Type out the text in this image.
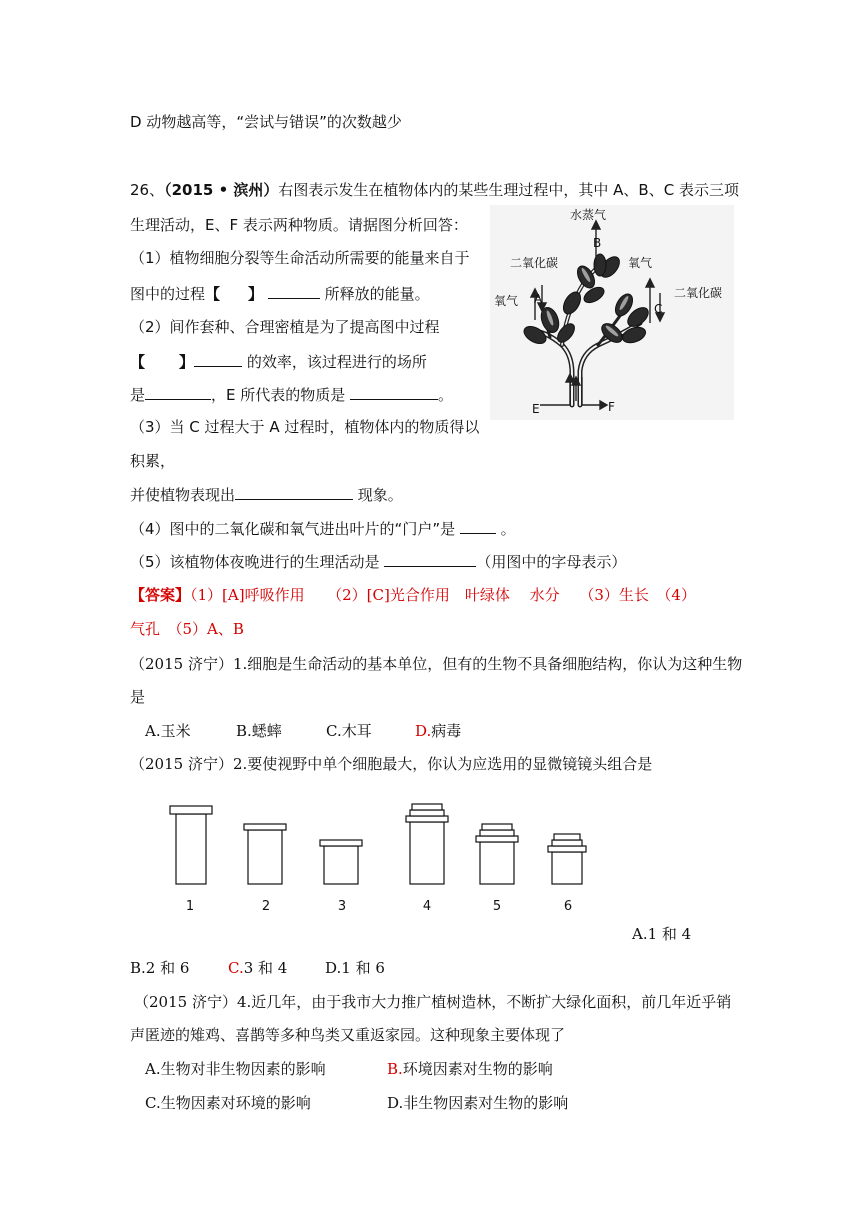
D 动物越高等，“尝试与错误”的次数越少
26、（2015 • 滨州）右图表示发生在植物体内的某些生理过程中，其中 A、B、C 表示三项
生理活动，E、F 表示两种物质。请据图分析回答：
（1）植物细胞分裂等生命活动所需要的能量来自于
图中的过程【 】	所释放的能量。
（2）间作套种、合理密植是为了提高图中过程
【 】	的效率，该过程进行的场所
是	，E 所代表的物质是	。
（3）当 C 过程大于 A 过程时，植物体内的物质得以
积累，
并使植物表现出	现象。
（4）图中的二氧化碳和氧气进出叶片的“门户”是	。
（5）该植物体夜晚进行的生理活动是	（用图中的字母表示）
【答案】（1）[A]呼吸作用　　（2）[C]光合作用　叶绿体　 水分　 （3）生长　（4）
气孔　（5）A、B
水蒸气
B
二氧化碳	氧气
氧气 A	二氧化碳
C
E	F
（2015 济宁）1.细胞是生命活动的基本单位，但有的生物不具备细胞结构，你认为这种生物
是
A.玉米	B.蟋蟀	C.木耳	D.病毒
（2015 济宁）2.要使视野中单个细胞最大，你认为应选用的显微镜镜头组合是
1	2	3	4	5	6
A.1 和 4
B.2 和 6	C.3 和 4	D.1 和 6
（2015 济宁）4.近几年，由于我市大力推广植树造林，不断扩大绿化面积，前几年近乎销
声匿迹的雉鸡、喜鹊等多种鸟类又重返家园。这种现象主要体现了
A.生物对非生物因素的影响	B.环境因素对生物的影响
C.生物因素对环境的影响	D.非生物因素对生物的影响
